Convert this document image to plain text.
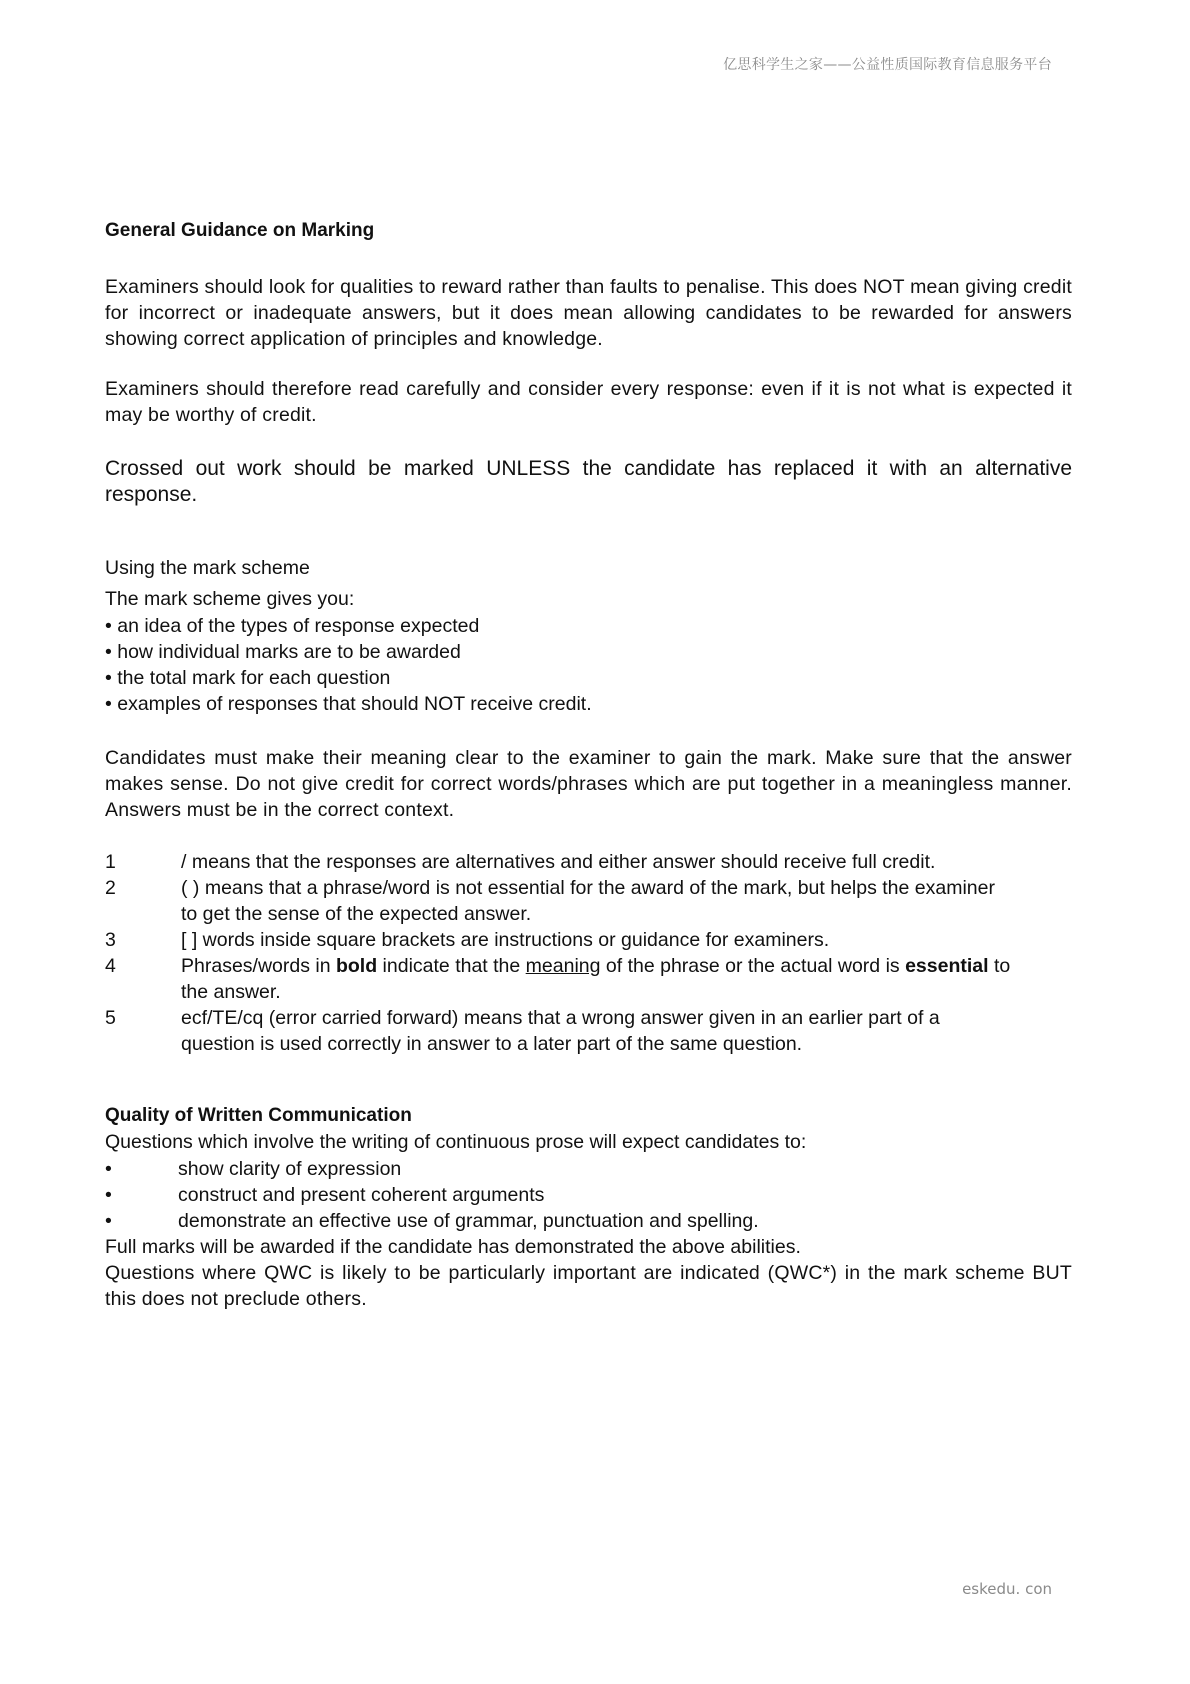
亿思科学生之家——公益性质国际教育信息服务平台
General Guidance on Marking
Examiners should look for qualities to reward rather than faults to penalise. This does NOT mean giving credit for incorrect or inadequate answers, but it does mean allowing candidates to be rewarded for answers showing correct application of principles and knowledge.
Examiners should therefore read carefully and consider every response: even if it is not what is expected it may be worthy of credit.
Crossed out work should be marked UNLESS the candidate has replaced it with an alternative response.
Using the mark scheme
The mark scheme gives you:
• an idea of the types of response expected
• how individual marks are to be awarded
• the total mark for each question
• examples of responses that should NOT receive credit.
Candidates must make their meaning clear to the examiner to gain the mark. Make sure that the answer makes sense. Do not give credit for correct words/phrases which are put together in a meaningless manner. Answers must be in the correct context.
1	/ means that the responses are alternatives and either answer should receive full credit.
2	( ) means that a phrase/word is not essential for the award of the mark, but helps the examiner to get the sense of the expected answer.
3	[ ] words inside square brackets are instructions or guidance for examiners.
4	Phrases/words in bold indicate that the meaning of the phrase or the actual word is essential to the answer.
5	ecf/TE/cq (error carried forward) means that a wrong answer given in an earlier part of a question is used correctly in answer to a later part of the same question.
Quality of Written Communication
Questions which involve the writing of continuous prose will expect candidates to:
•	show clarity of expression
•	construct and present coherent arguments
•	demonstrate an effective use of grammar, punctuation and spelling.
Full marks will be awarded if the candidate has demonstrated the above abilities.
Questions where QWC is likely to be particularly important are indicated (QWC*) in the mark scheme BUT this does not preclude others.
eskedu. con
